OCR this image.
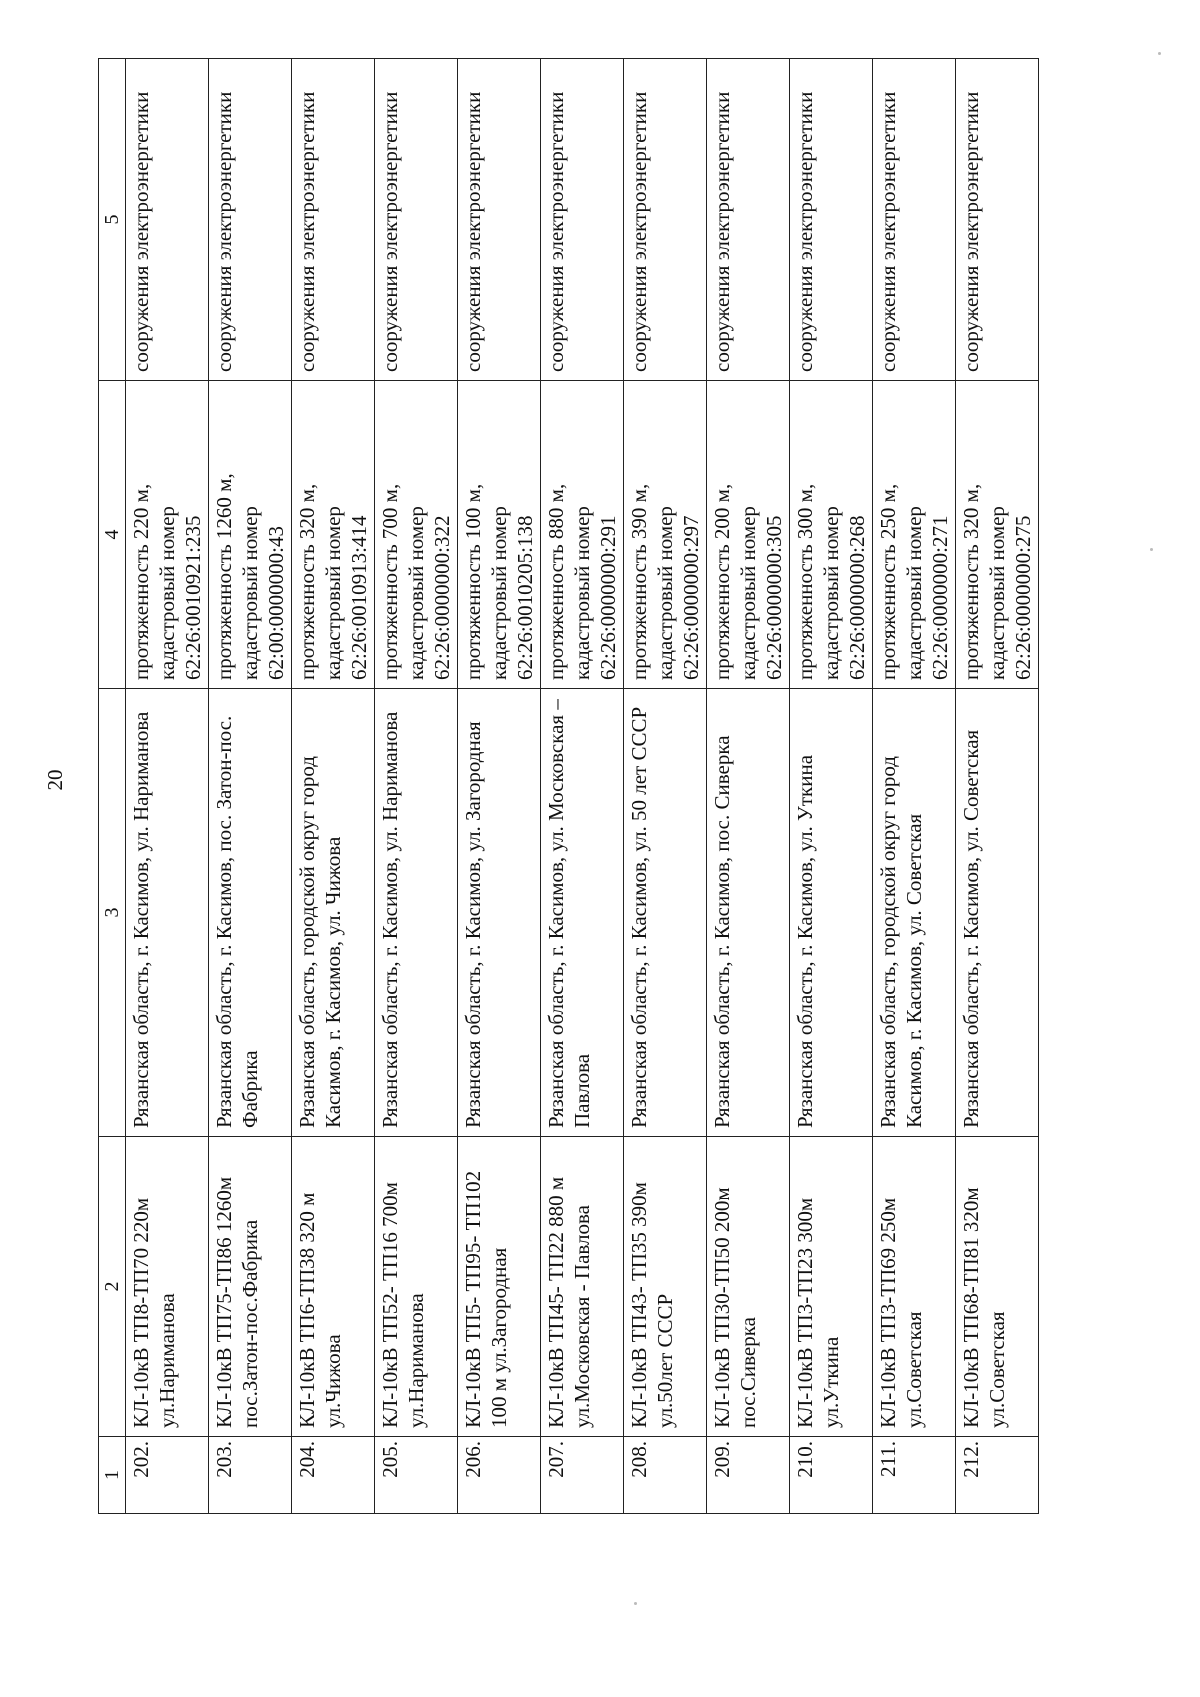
20
1	2	3	4	5
202.	КЛ-10кВ ТП8-ТП70 220м ул.Нариманова	Рязанская область, г. Касимов, ул. Нариманова	протяженность 220 м, кадастровый номер 62:26:0010921:235	сооружения электроэнергетики
203.	КЛ-10кВ ТП75-ТП86 1260м пос.Затон-пос.Фабрика	Рязанская область, г. Касимов, пос. Затон-пос. Фабрика	протяженность 1260 м, кадастровый номер 62:00:0000000:43	сооружения электроэнергетики
204.	КЛ-10кВ ТП6-ТП38 320 м ул.Чижова	Рязанская область, городской округ город Касимов, г. Касимов, ул. Чижова	протяженность 320 м, кадастровый номер 62:26:0010913:414	сооружения электроэнергетики
205.	КЛ-10кВ ТП52- ТП16 700м ул.Нариманова	Рязанская область, г. Касимов, ул. Нариманова	протяженность 700 м, кадастровый номер 62:26:0000000:322	сооружения электроэнергетики
206.	КЛ-10кВ ТП5- ТП95- ТП102 100 м ул.Загородная	Рязанская область, г. Касимов, ул. Загородная	протяженность 100 м, кадастровый номер 62:26:0010205:138	сооружения электроэнергетики
207.	КЛ-10кВ ТП45- ТП22 880 м ул.Московская - Павлова	Рязанская область, г. Касимов, ул. Московская – Павлова	протяженность 880 м, кадастровый номер 62:26:0000000:291	сооружения электроэнергетики
208.	КЛ-10кВ ТП43- ТП35 390м ул.50лет СССР	Рязанская область, г. Касимов, ул. 50 лет СССР	протяженность 390 м, кадастровый номер 62:26:0000000:297	сооружения электроэнергетики
209.	КЛ-10кВ ТП30-ТП50 200м пос.Сиверка	Рязанская область, г. Касимов, пос. Сиверка	протяженность 200 м, кадастровый номер 62:26:0000000:305	сооружения электроэнергетики
210.	КЛ-10кВ ТП3-ТП23 300м ул.Уткина	Рязанская область, г. Касимов, ул. Уткина	протяженность 300 м, кадастровый номер 62:26:0000000:268	сооружения электроэнергетики
211.	КЛ-10кВ ТП3-ТП69 250м ул.Советская	Рязанская область, городской округ город Касимов, г. Касимов, ул. Советская	протяженность 250 м, кадастровый номер 62:26:0000000:271	сооружения электроэнергетики
212.	КЛ-10кВ ТП68-ТП81 320м ул.Советская	Рязанская область, г. Касимов, ул. Советская	протяженность 320 м, кадастровый номер 62:26:0000000:275	сооружения электроэнергетики
